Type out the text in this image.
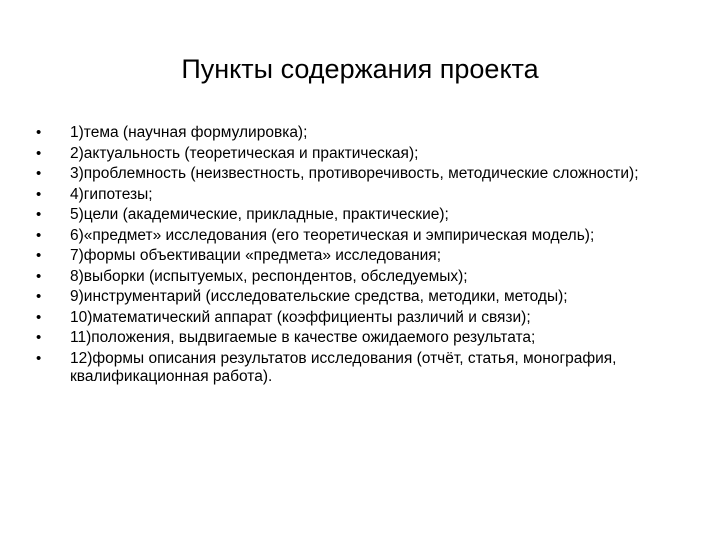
Пункты содержания проекта
• 1)тема (научная формулировка);
• 2)актуальность (теоретическая и практическая);
• 3)проблемность (неизвестность, противоречивость, методические сложности);
• 4)гипотезы;
• 5)цели (академические, прикладные, практические);
• 6)«предмет» исследования (его теоретическая и эмпирическая модель);
• 7)формы объективации «предмета» исследования;
• 8)выборки (испытуемых, респондентов, обследуемых);
• 9)инструментарий (исследовательские средства, методики, методы);
• 10)математический аппарат (коэффициенты различий и связи);
• 11)положения, выдвигаемые в качестве ожидаемого результата;
• 12)формы описания результатов исследования (отчёт, статья, монография, квалификационная работа).
